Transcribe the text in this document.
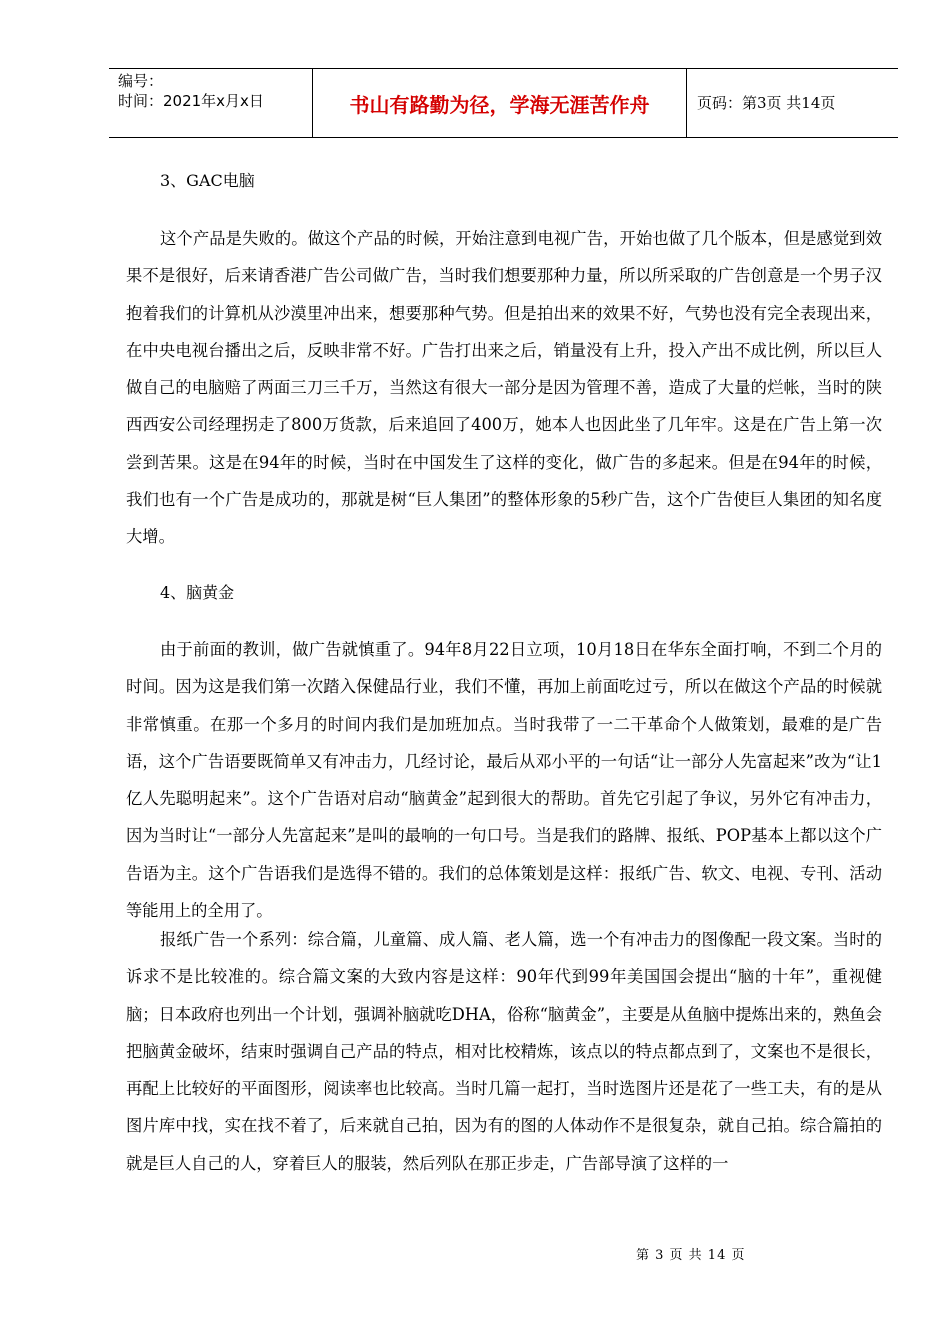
编号：
时间：2021年x月x日	书山有路勤为径，学海无涯苦作舟	页码：第3页 共14页
3、GAC电脑

这个产品是失败的。做这个产品的时候，开始注意到电视广告，开始也做了几个版本，但是感觉到效果不是很好，后来请香港广告公司做广告，当时我们想要那种力量，所以所采取的广告创意是一个男子汉抱着我们的计算机从沙漠里冲出来，想要那种气势。但是拍出来的效果不好，气势也没有完全表现出来，在中央电视台播出之后，反映非常不好。广告打出来之后，销量没有上升，投入产出不成比例，所以巨人做自己的电脑赔了两面三刀三千万，当然这有很大一部分是因为管理不善，造成了大量的烂帐，当时的陕西西安公司经理拐走了800万货款，后来追回了400万，她本人也因此坐了几年牢。这是在广告上第一次尝到苦果。这是在94年的时候，当时在中国发生了这样的变化，做广告的多起来。但是在94年的时候，我们也有一个广告是成功的，那就是树“巨人集团”的整体形象的5秒广告，这个广告使巨人集团的知名度大增。

4、脑黄金

由于前面的教训，做广告就慎重了。94年8月22日立项，10月18日在华东全面打响，不到二个月的时间。因为这是我们第一次踏入保健品行业，我们不懂，再加上前面吃过亏，所以在做这个产品的时候就非常慎重。在那一个多月的时间内我们是加班加点。当时我带了一二干革命个人做策划，最难的是广告语，这个广告语要既简单又有冲击力，几经讨论，最后从邓小平的一句话“让一部分人先富起来”改为“让1亿人先聪明起来”。这个广告语对启动“脑黄金”起到很大的帮助。首先它引起了争议，另外它有冲击力，因为当时让“一部分人先富起来”是叫的最响的一句口号。当是我们的路牌、报纸、POP基本上都以这个广告语为主。这个广告语我们是选得不错的。我们的总体策划是这样：报纸广告、软文、电视、专刊、活动等能用上的全用了。

报纸广告一个系列：综合篇，儿童篇、成人篇、老人篇，选一个有冲击力的图像配一段文案。当时的诉求不是比较准的。综合篇文案的大致内容是这样：90年代到99年美国国会提出“脑的十年”，重视健脑；日本政府也列出一个计划，强调补脑就吃DHA，俗称“脑黄金”，主要是从鱼脑中提炼出来的，熟鱼会把脑黄金破坏，结束时强调自己产品的特点，相对比校精炼，该点以的特点都点到了，文案也不是很长，再配上比较好的平面图形，阅读率也比较高。当时几篇一起打，当时选图片还是花了一些工夫，有的是从图片库中找，实在找不着了，后来就自己拍，因为有的图的人体动作不是很复杂，就自己拍。综合篇拍的就是巨人自己的人，穿着巨人的服装，然后列队在那正步走，广告部导演了这样的一

第 3 页 共 14 页
